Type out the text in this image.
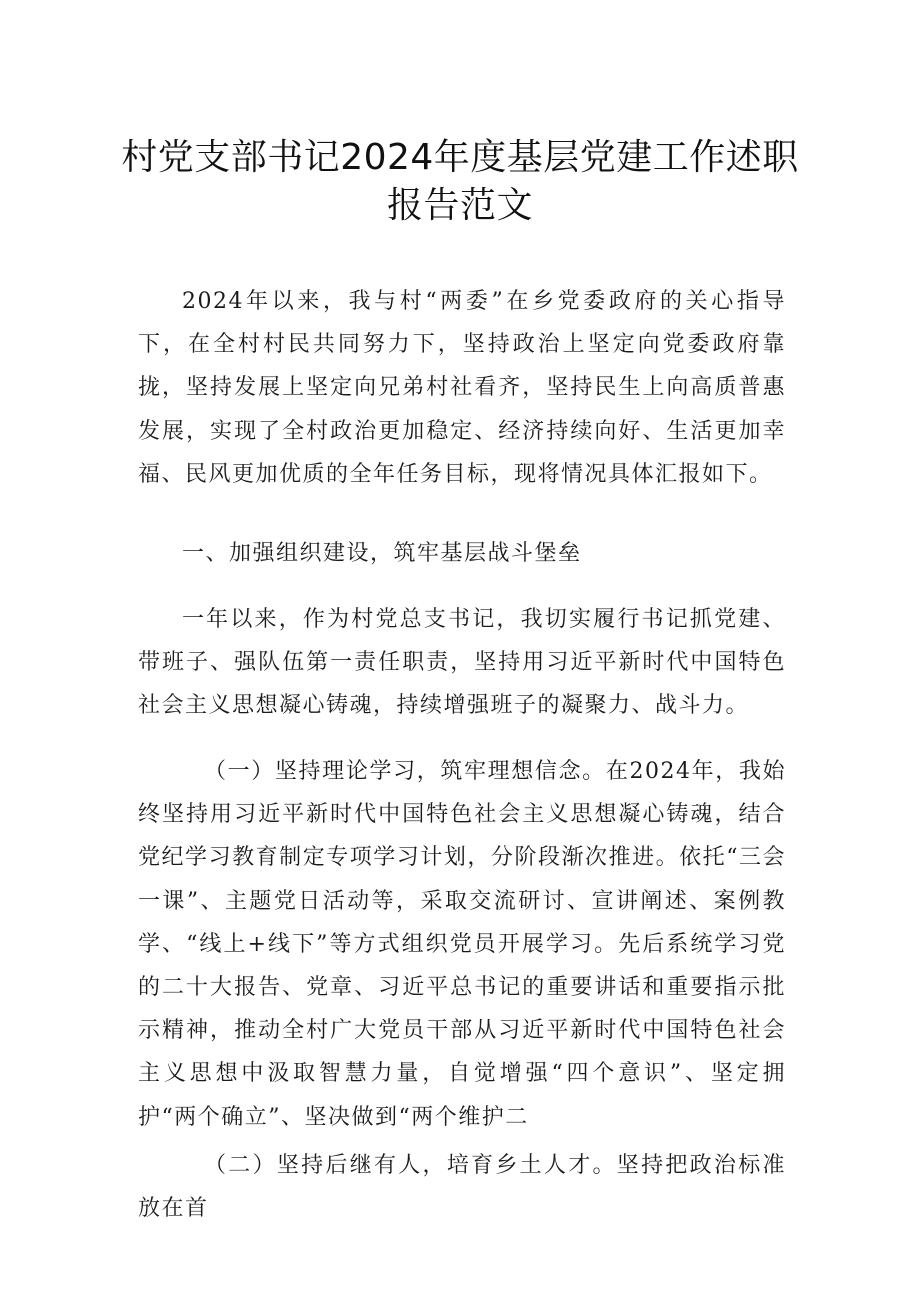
村党支部书记2024年度基层党建工作述职
报告范文

2024年以来，我与村“两委”在乡党委政府的关心指导下，在全村村民共同努力下，坚持政治上坚定向党委政府靠拢，坚持发展上坚定向兄弟村社看齐，坚持民生上向高质普惠发展，实现了全村政治更加稳定、经济持续向好、生活更加幸福、民风更加优质的全年任务目标，现将情况具体汇报如下。

一、加强组织建设，筑牢基层战斗堡垒

一年以来，作为村党总支书记，我切实履行书记抓党建、带班子、强队伍第一责任职责，坚持用习近平新时代中国特色社会主义思想凝心铸魂，持续增强班子的凝聚力、战斗力。

（一）坚持理论学习，筑牢理想信念。在2024年，我始终坚持用习近平新时代中国特色社会主义思想凝心铸魂，结合党纪学习教育制定专项学习计划，分阶段渐次推进。依托“三会一课”、主题党日活动等，采取交流研讨、宣讲阐述、案例教学、“线上+线下”等方式组织党员开展学习。先后系统学习党的二十大报告、党章、习近平总书记的重要讲话和重要指示批示精神，推动全村广大党员干部从习近平新时代中国特色社会主义思想中汲取智慧力量，自觉增强“四个意识”、坚定拥护“两个确立”、坚决做到“两个维护二

（二）坚持后继有人，培育乡土人才。坚持把政治标准放在首
